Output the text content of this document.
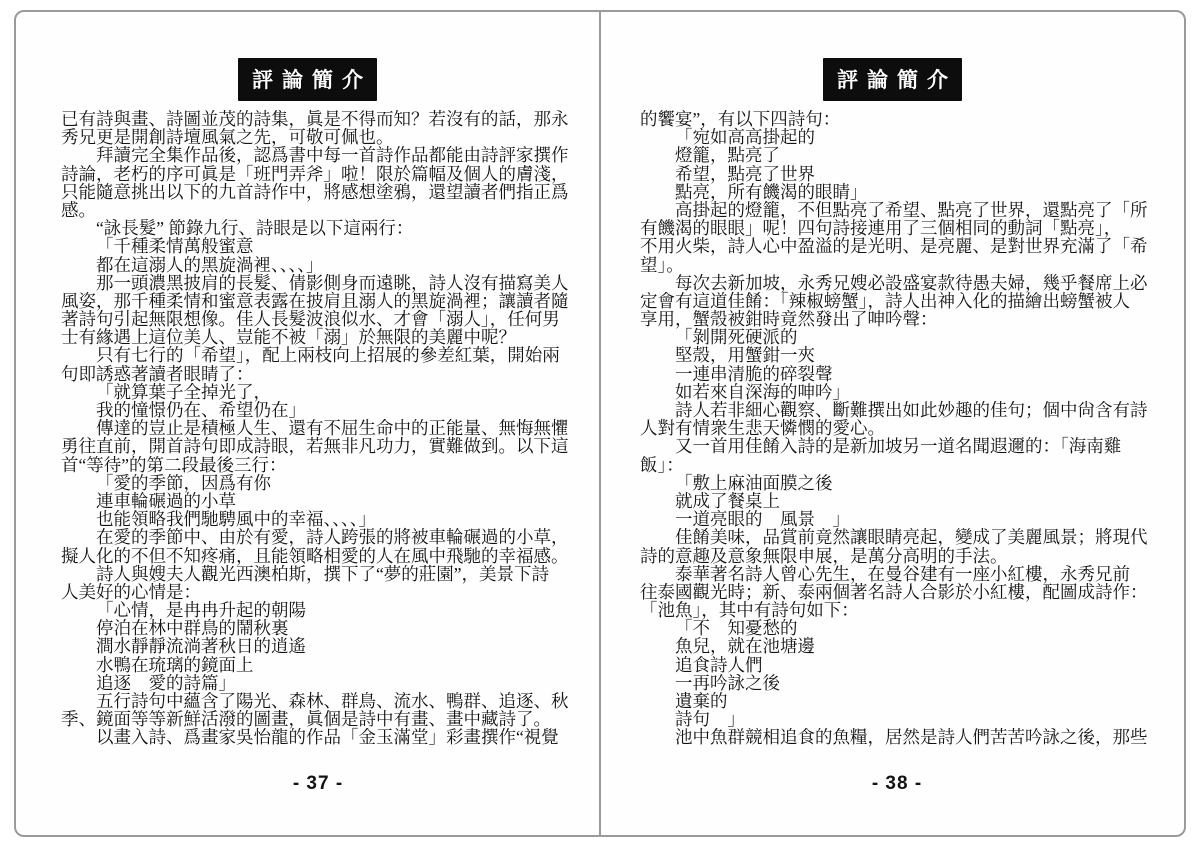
評論簡介
已有詩與畫、詩圖並茂的詩集，眞是不得而知？若沒有的話，那永
秀兄更是開創詩壇風氣之先，可敬可佩也。
拜讀完全集作品後，認爲書中每一首詩作品都能由詩評家撰作
詩論，老朽的序可眞是「班門弄斧」啦！限於篇幅及個人的膚淺，
只能隨意挑出以下的九首詩作中，將感想塗鴉，還望讀者們指正爲
感。
“詠長髮” 節錄九行、詩眼是以下這兩行：
「千種柔情萬般蜜意
都在這溺人的黑旋渦裡、、、、」
那一頭濃黑披肩的長髮、倩影側身而遠眺，詩人沒有描寫美人
風姿，那千種柔情和蜜意表露在披肩且溺人的黑旋渦裡；讓讀者隨
著詩句引起無限想像。佳人長髮波浪似水、才會「溺人」，任何男
士有緣遇上這位美人、豈能不被「溺」於無限的美麗中呢？
只有七行的「希望」，配上兩枝向上招展的參差紅葉，開始兩
句即誘惑著讀者眼睛了：
「就算葉子全掉光了，
我的憧憬仍在、希望仍在」
傳達的豈止是積極人生、還有不屈生命中的正能量、無悔無懼
勇往直前，開首詩句即成詩眼，若無非凡功力，實難做到。以下這
首“等待”的第二段最後三行：
「愛的季節，因爲有你
連車輪碾過的小草
也能領略我們馳騁風中的幸福、、、、」
在愛的季節中、由於有愛，詩人跨張的將被車輪碾過的小草，
擬人化的不但不知疼痛，且能領略相愛的人在風中飛馳的幸福感。
詩人與嫂夫人觀光西澳柏斯，撰下了“夢的莊園”，美景下詩
人美好的心情是：
「心情，是冉冉升起的朝陽
停泊在林中群鳥的鬧秋裏
澗水靜靜流淌著秋日的逍遙
水鴨在琉璃的鏡面上
追逐　愛的詩篇」
五行詩句中蘊含了陽光、森林、群鳥、流水、鴨群、追逐、秋
季、鏡面等等新鮮活潑的圖畫，眞個是詩中有畫、畫中藏詩了。
以畫入詩、爲畫家吳怡龍的作品「金玉滿堂」彩畫撰作“視覺
- 37 -
評論簡介
的饗宴”，有以下四詩句：
「宛如高高掛起的
燈籠，點亮了
希望，點亮了世界
點亮，所有饑渴的眼睛」
高掛起的燈籠，不但點亮了希望、點亮了世界，還點亮了「所
有饑渴的眼眼」呢！四句詩接連用了三個相同的動詞「點亮」，
不用火柴，詩人心中盈溢的是光明、是亮麗、是對世界充滿了「希
望」。
每次去新加坡，永秀兄嫂必設盛宴款待愚夫婦，幾乎餐席上必
定會有這道佳餚：「辣椒螃蟹」，詩人出神入化的描繪出螃蟹被人
享用，蟹殼被鉗時竟然發出了呻吟聲：
「剝開死硬派的
堅殼，用蟹鉗一夾
一連串清脆的碎裂聲
如若來自深海的呻吟」
詩人若非細心觀察、斷難撰出如此妙趣的佳句；個中尙含有詩
人對有情衆生悲天憐憫的愛心。
又一首用佳餚入詩的是新加坡另一道名聞遐邇的：「海南雞
飯」：
「敷上麻油面膜之後
就成了餐桌上
一道亮眼的　風景　」
佳餚美味，品賞前竟然讓眼睛亮起，變成了美麗風景；將現代
詩的意趣及意象無限申展，是萬分高明的手法。
泰華著名詩人曾心先生，在曼谷建有一座小紅樓，永秀兄前
往泰國觀光時；新、泰兩個著名詩人合影於小紅樓，配圖成詩作：
「池魚」，其中有詩句如下：
「不　知憂愁的
魚兒，就在池塘邊
追食詩人們
一再吟詠之後
遺棄的
詩句　」
池中魚群競相追食的魚糧，居然是詩人們苦苦吟詠之後，那些
- 38 -
